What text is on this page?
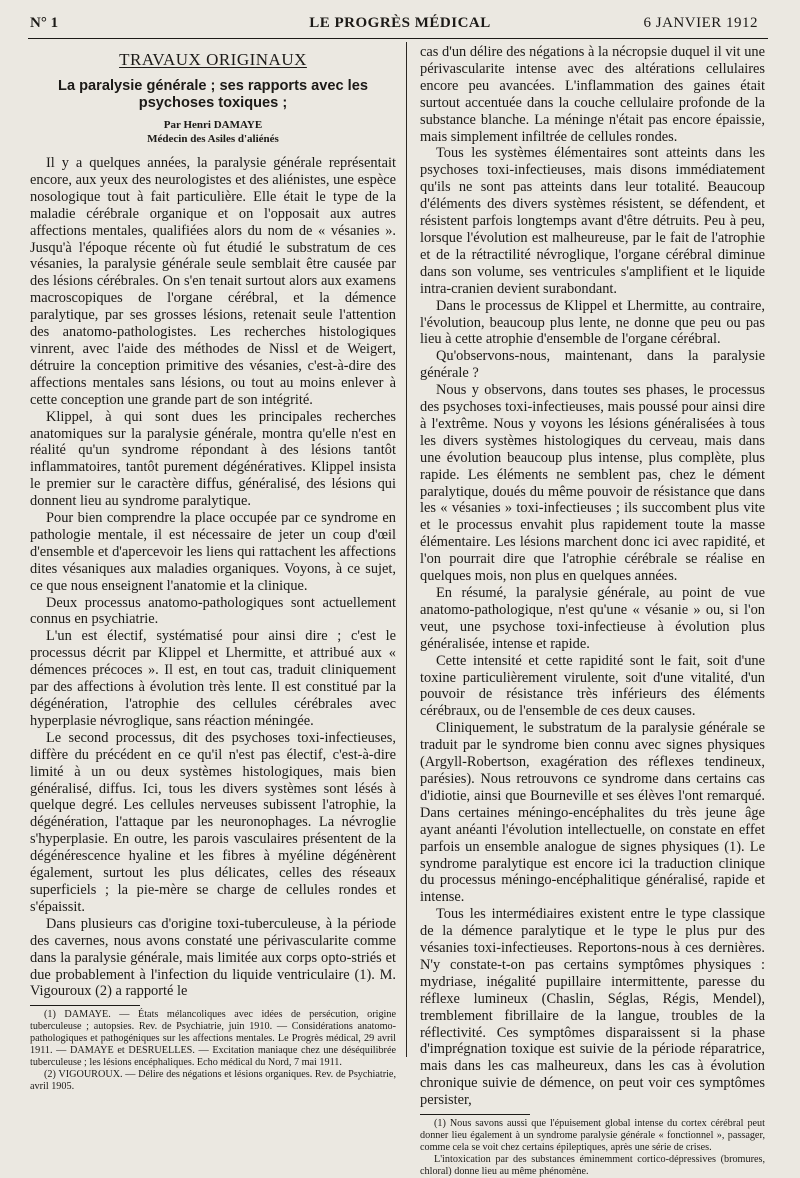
N° 1	LE PROGRÈS MÉDICAL	6 JANVIER 1912
TRAVAUX ORIGINAUX
La paralysie générale ; ses rapports avec les psychoses toxiques ;
Par Henri DAMAYE
Médecin des Asiles d'aliénés

Il y a quelques années, la paralysie générale représentait encore, aux yeux des neurologistes et des aliénistes, une espèce nosologique tout à fait particulière. Elle était le type de la maladie cérébrale organique et on l'opposait aux autres affections mentales, qualifiées alors du nom de « vésanies ». Jusqu'à l'époque récente où fut étudié le substratum de ces vésanies, la paralysie générale seule semblait être causée par des lésions cérébrales. On s'en tenait surtout alors aux examens macroscopiques de l'organe cérébral, et la démence paralytique, par ses grosses lésions, retenait seule l'attention des anatomo-pathologistes. Les recherches histologiques vinrent, avec l'aide des méthodes de Nissl et de Weigert, détruire la conception primitive des vésanies, c'est-à-dire des affections mentales sans lésions, ou tout au moins enlever à cette conception une grande part de son intégrité.

Klippel, à qui sont dues les principales recherches anatomiques sur la paralysie générale, montra qu'elle n'est en réalité qu'un syndrome répondant à des lésions tantôt inflammatoires, tantôt purement dégénératives. Klippel insista le premier sur le caractère diffus, généralisé, des lésions qui donnent lieu au syndrome paralytique.

Pour bien comprendre la place occupée par ce syndrome en pathologie mentale, il est nécessaire de jeter un coup d'œil d'ensemble et d'apercevoir les liens qui rattachent les affections dites vésaniques aux maladies organiques. Voyons, à ce sujet, ce que nous enseignent l'anatomie et la clinique.

Deux processus anatomo-pathologiques sont actuellement connus en psychiatrie.

L'un est électif, systématisé pour ainsi dire ; c'est le processus décrit par Klippel et Lhermitte, et attribué aux « démences précoces ». Il est, en tout cas, traduit cliniquement par des affections à évolution très lente. Il est constitué par la dégénération, l'atrophie des cellules cérébrales avec hyperplasie névroglique, sans réaction méningée.

Le second processus, dit des psychoses toxi-infectieuses, diffère du précédent en ce qu'il n'est pas électif, c'est-à-dire limité à un ou deux systèmes histologiques, mais bien généralisé, diffus. Ici, tous les divers systèmes sont lésés à quelque degré. Les cellules nerveuses subissent l'atrophie, la dégénération, l'attaque par les neuronophages. La névroglie s'hyperplasie. En outre, les parois vasculaires présentent de la dégénérescence hyaline et les fibres à myéline dégénèrent également, surtout les plus délicates, celles des réseaux superficiels ; la pie-mère se charge de cellules rondes et s'épaissit.

Dans plusieurs cas d'origine toxi-tuberculeuse, à la période des cavernes, nous avons constaté une périvascularite comme dans la paralysie générale, mais limitée aux corps opto-striés et due probablement à l'infection du liquide ventriculaire (1). M. Vigouroux (2) a rapporté le

(1) DAMAYE. — États mélancoliques avec idées de persécution, origine tuberculeuse ; autopsies. Rev. de Psychiatrie, juin 1910. — Considérations anatomo-pathologiques et pathogéniques sur les affections mentales. Le Progrès médical, 29 avril 1911. — DAMAYE et DESRUELLES. — Excitation maniaque chez une déséquilibrée tuberculeuse ; les lésions encéphaliques. Echo médical du Nord, 7 mai 1911.

(2) VIGOUROUX. — Délire des négations et lésions organiques. Rev. de Psychiatrie, avril 1905.

cas d'un délire des négations à la nécropsie duquel il vit une périvascularite intense avec des altérations cellulaires encore peu avancées. L'inflammation des gaines était surtout accentuée dans la couche cellulaire profonde de la substance blanche. La méninge n'était pas encore épaissie, mais simplement infiltrée de cellules rondes.

Tous les systèmes élémentaires sont atteints dans les psychoses toxi-infectieuses, mais disons immédiatement qu'ils ne sont pas atteints dans leur totalité. Beaucoup d'éléments des divers systèmes résistent, se défendent, et résistent parfois longtemps avant d'être détruits. Peu à peu, lorsque l'évolution est malheureuse, par le fait de l'atrophie et de la rétractilité névroglique, l'organe cérébral diminue dans son volume, ses ventricules s'amplifient et le liquide intra-cranien devient surabondant.

Dans le processus de Klippel et Lhermitte, au contraire, l'évolution, beaucoup plus lente, ne donne que peu ou pas lieu à cette atrophie d'ensemble de l'organe cérébral.

Qu'observons-nous, maintenant, dans la paralysie générale ?

Nous y observons, dans toutes ses phases, le processus des psychoses toxi-infectieuses, mais poussé pour ainsi dire à l'extrême. Nous y voyons les lésions généralisées à tous les divers systèmes histologiques du cerveau, mais dans une évolution beaucoup plus intense, plus complète, plus rapide. Les éléments ne semblent pas, chez le dément paralytique, doués du même pouvoir de résistance que dans les « vésanies » toxi-infectieuses ; ils succombent plus vite et le processus envahit plus rapidement toute la masse élémentaire. Les lésions marchent donc ici avec rapidité, et l'on pourrait dire que l'atrophie cérébrale se réalise en quelques mois, non plus en quelques années.

En résumé, la paralysie générale, au point de vue anatomo-pathologique, n'est qu'une « vésanie » ou, si l'on veut, une psychose toxi-infectieuse à évolution plus généralisée, intense et rapide.

Cette intensité et cette rapidité sont le fait, soit d'une toxine particulièrement virulente, soit d'une vitalité, d'un pouvoir de résistance très inférieurs des éléments cérébraux, ou de l'ensemble de ces deux causes.

Cliniquement, le substratum de la paralysie générale se traduit par le syndrome bien connu avec signes physiques (Argyll-Robertson, exagération des réflexes tendineux, parésies). Nous retrouvons ce syndrome dans certains cas d'idiotie, ainsi que Bourneville et ses élèves l'ont remarqué. Dans certaines méningo-encéphalites du très jeune âge ayant anéanti l'évolution intellectuelle, on constate en effet parfois un ensemble analogue de signes physiques (1). Le syndrome paralytique est encore ici la traduction clinique du processus méningo-encéphalitique généralisé, rapide et intense.

Tous les intermédiaires existent entre le type classique de la démence paralytique et le type le plus pur des vésanies toxi-infectieuses. Reportons-nous à ces dernières. N'y constate-t-on pas certains symptômes physiques : mydriase, inégalité pupillaire intermittente, paresse du réflexe lumineux (Chaslin, Séglas, Régis, Mendel), tremblement fibrillaire de la langue, troubles de la réflectivité. Ces symptômes disparaissent si la phase d'imprégnation toxique est suivie de la période réparatrice, mais dans les cas malheureux, dans les cas à évolution chronique suivie de démence, on peut voir ces symptômes persister,

(1) Nous savons aussi que l'épuisement global intense du cortex cérébral peut donner lieu également à un syndrome paralysie générale « fonctionnel », passager, comme cela se voit chez certains épileptiques, après une série de crises.

L'intoxication par des substances éminemment cortico-dépressives (bromures, chloral) donne lieu au même phénomène.
